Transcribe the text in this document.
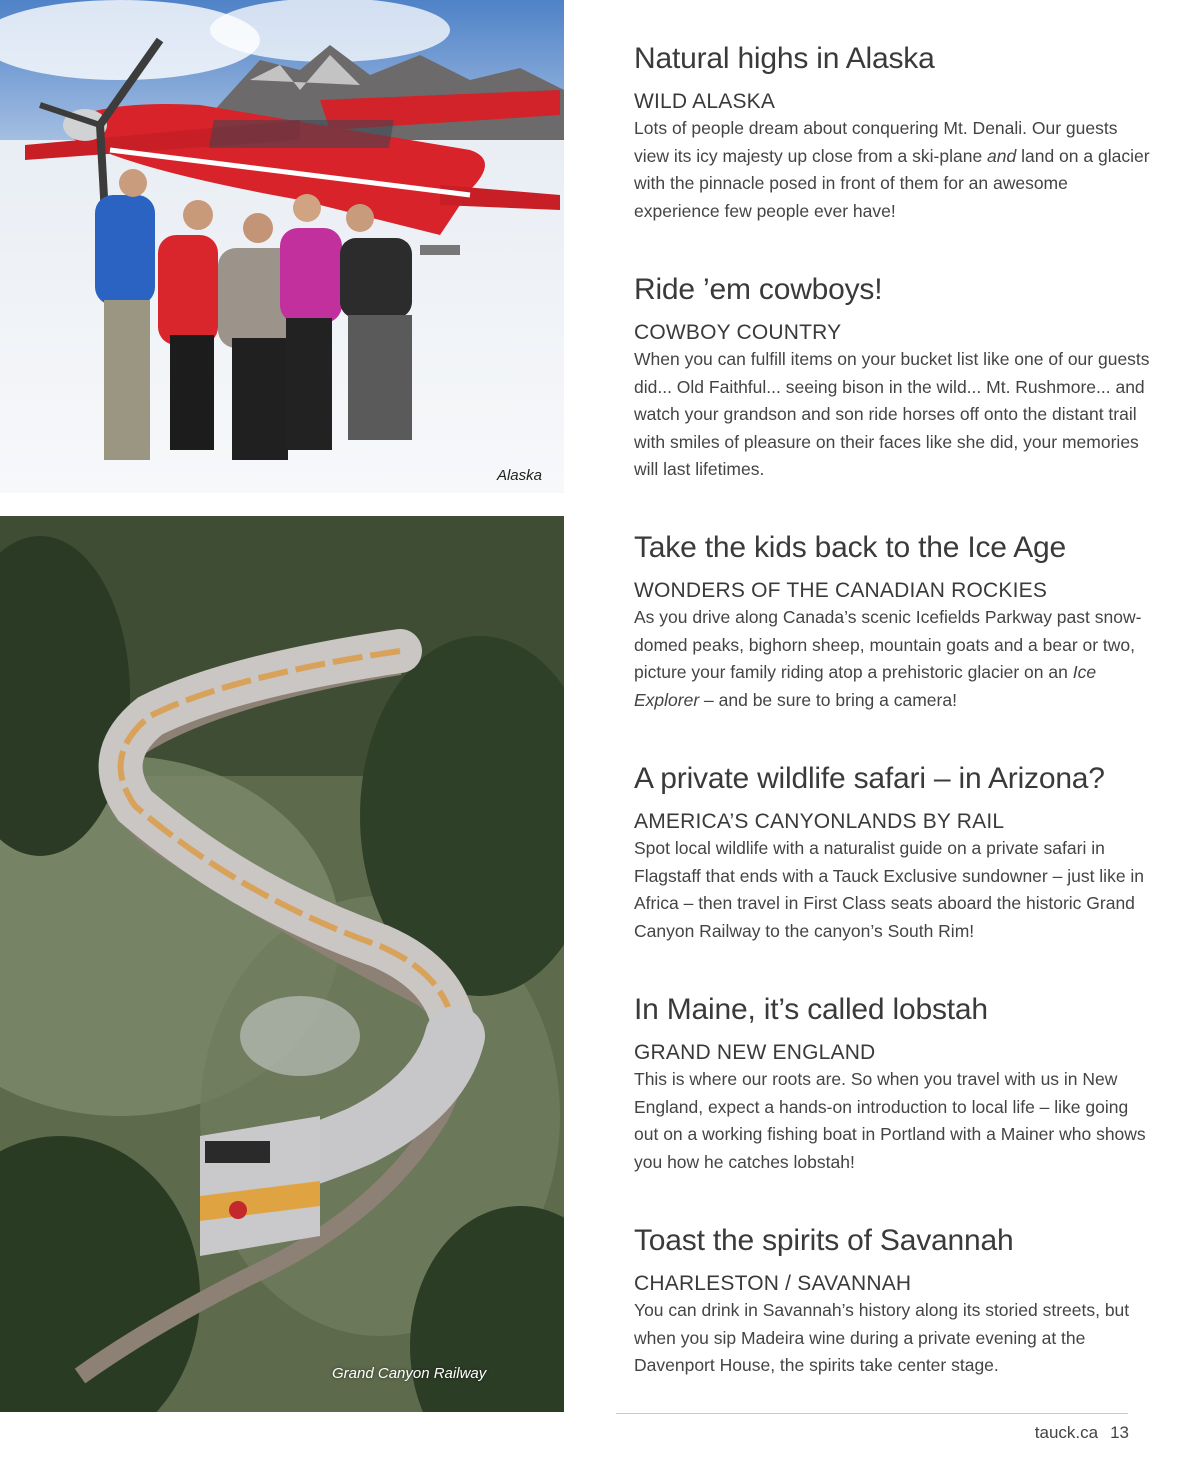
Alaska
Grand Canyon Railway
Natural highs in Alaska
WILD ALASKA

Lots of people dream about conquering Mt. Denali. Our guests view its icy majesty up close from a ski-plane and land on a glacier with the pinnacle posed in front of them for an awesome experience few people ever have!

Ride ’em cowboys!
COWBOY COUNTRY

When you can fulfill items on your bucket list like one of our guests did... Old Faithful... seeing bison in the wild... Mt. Rushmore... and watch your grandson and son ride horses off onto the distant trail with smiles of pleasure on their faces like she did, your memories will last lifetimes.

Take the kids back to the Ice Age
WONDERS OF THE CANADIAN ROCKIES

As you drive along Canada’s scenic Icefields Parkway past snow-domed peaks, bighorn sheep, mountain goats and a bear or two, picture your family riding atop a prehistoric glacier on an Ice Explorer – and be sure to bring a camera!

A private wildlife safari – in Arizona?
AMERICA’S CANYONLANDS BY RAIL

Spot local wildlife with a naturalist guide on a private safari in Flagstaff that ends with a Tauck Exclusive sundowner – just like in Africa – then travel in First Class seats aboard the historic Grand Canyon Railway to the canyon’s South Rim!

In Maine, it’s called lobstah
GRAND NEW ENGLAND

This is where our roots are. So when you travel with us in New England, expect a hands-on introduction to local life – like going out on a working fishing boat in Portland with a Mainer who shows you how he catches lobstah!

Toast the spirits of Savannah
CHARLESTON / SAVANNAH

You can drink in Savannah’s history along its storied streets, but when you sip Madeira wine during a private evening at the Davenport House, the spirits take center stage.

tauck.ca 13
